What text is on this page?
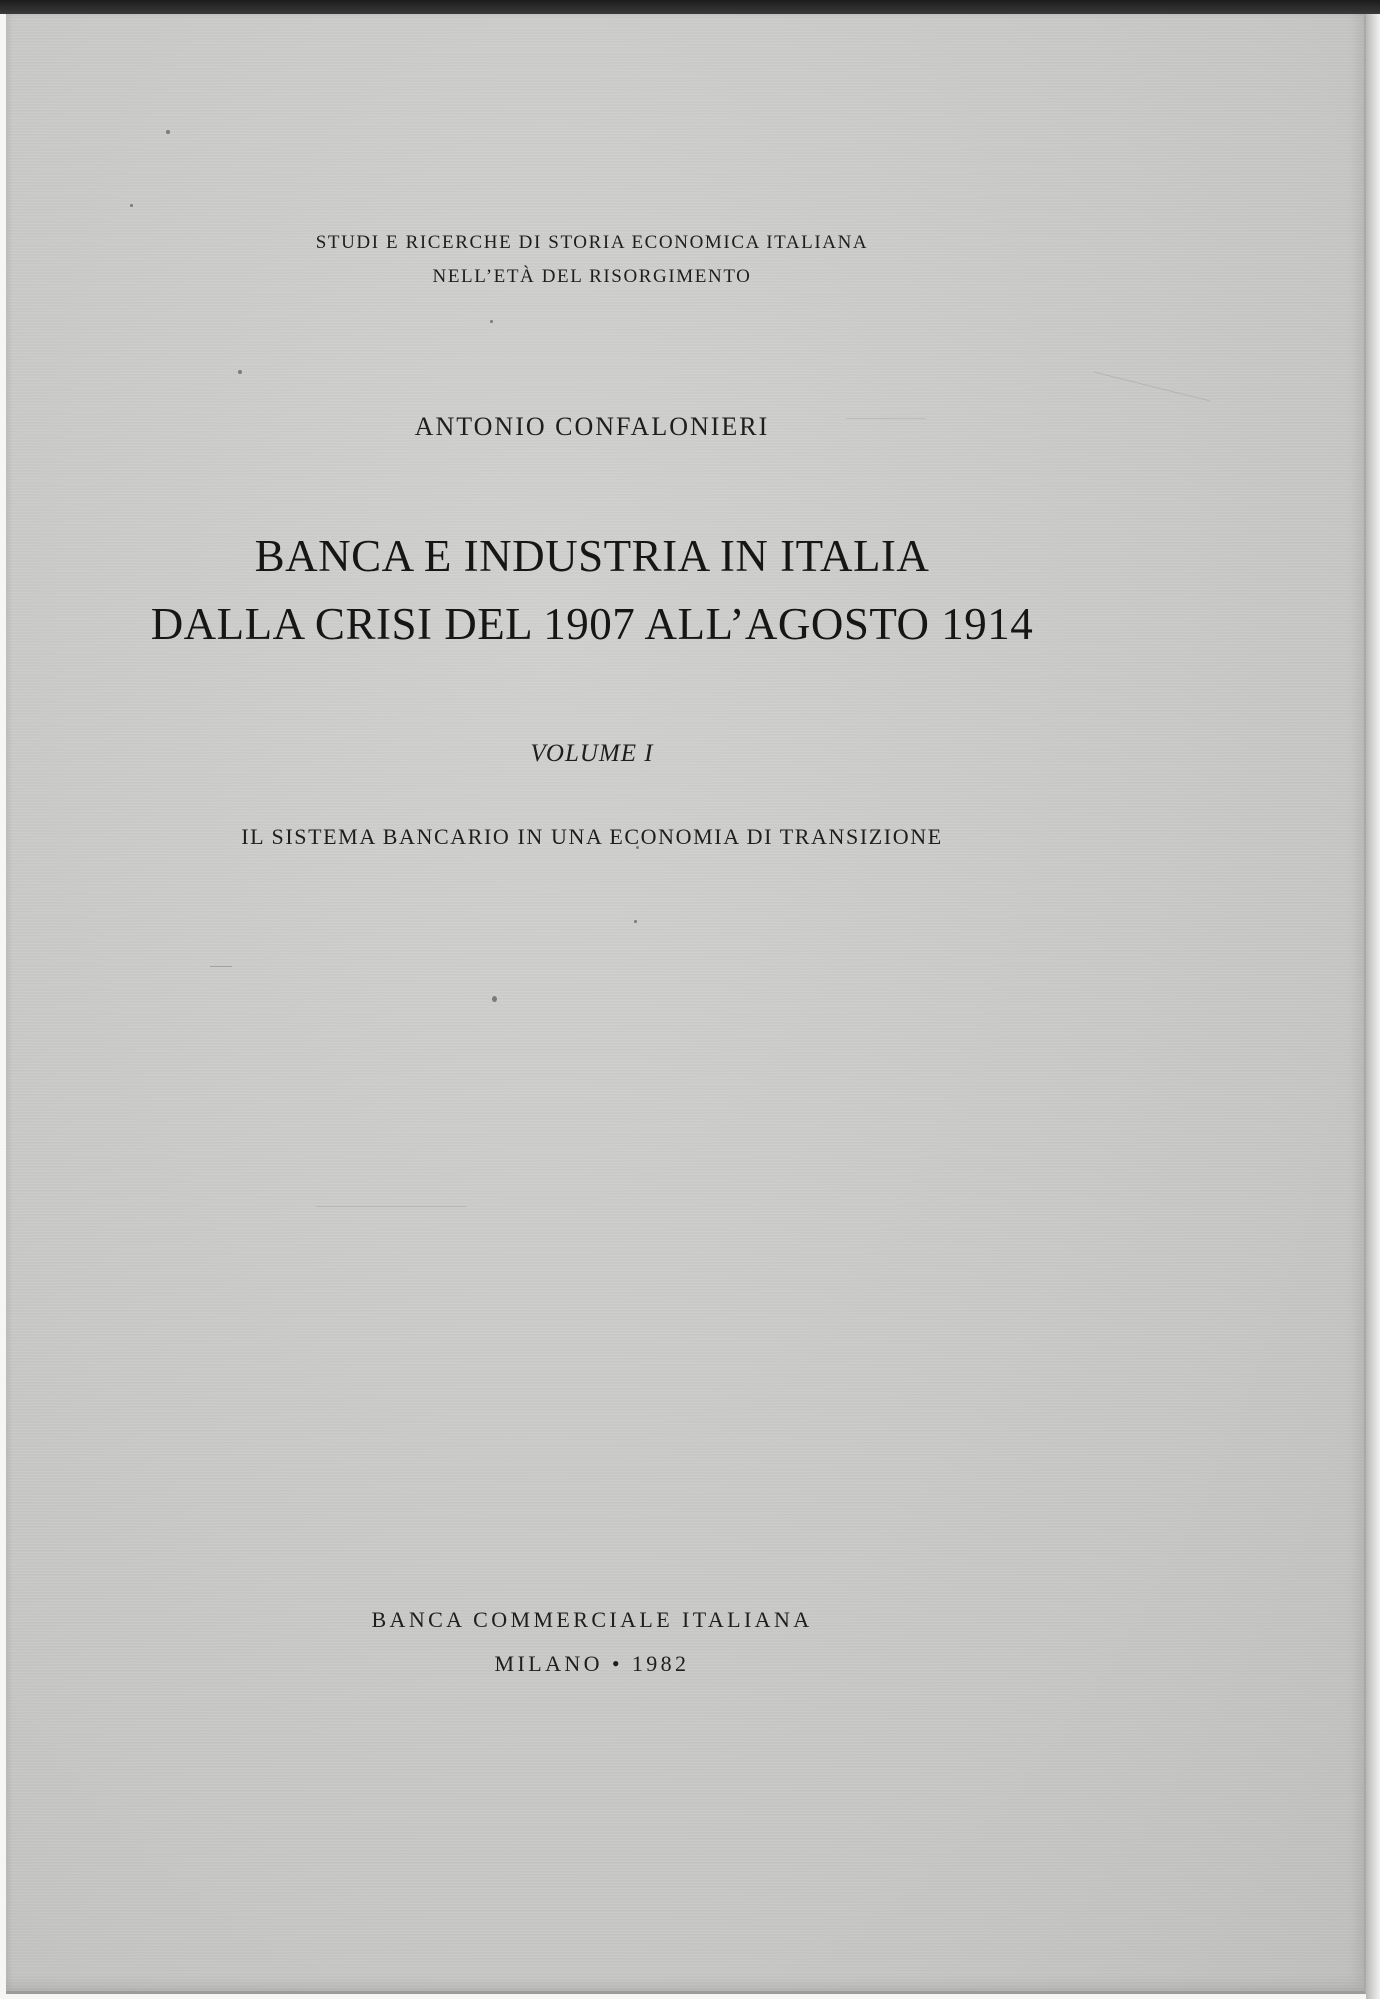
STUDI E RICERCHE DI STORIA ECONOMICA ITALIANA
NELL’ETÀ DEL RISORGIMENTO
ANTONIO CONFALONIERI
BANCA E INDUSTRIA IN ITALIA
DALLA CRISI DEL 1907 ALL’AGOSTO 1914
VOLUME I
IL SISTEMA BANCARIO IN UNA ECONOMIA DI TRANSIZIONE
BANCA COMMERCIALE ITALIANA
MILANO • 1982
